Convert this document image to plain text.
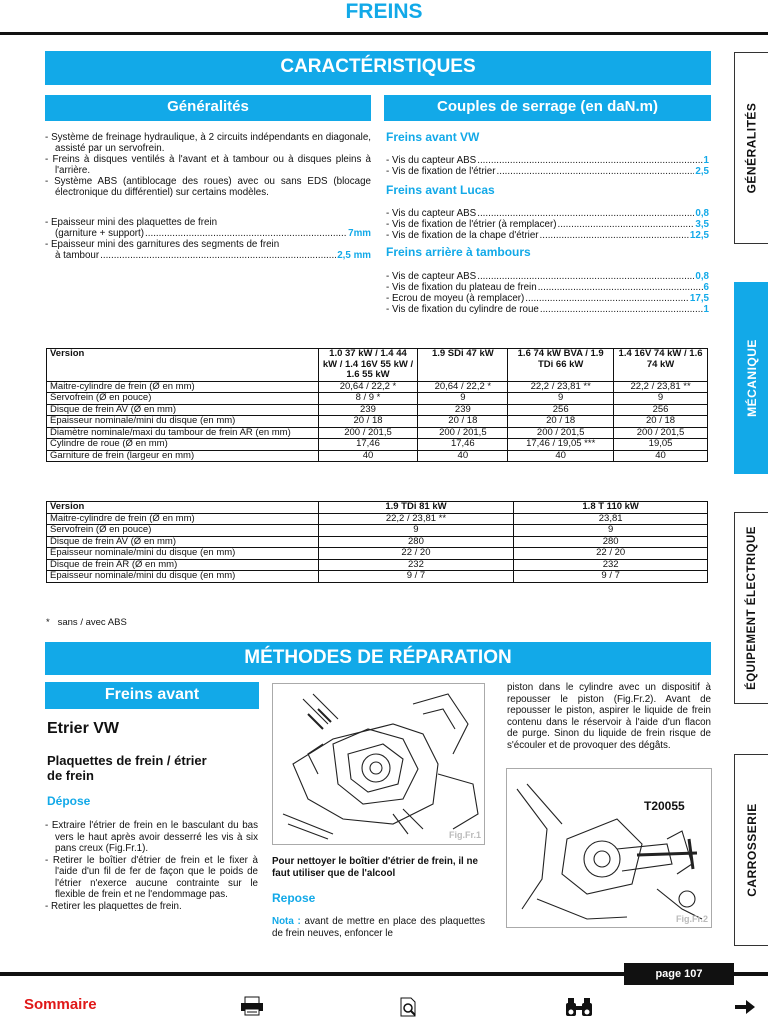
FREINS
CARACTÉRISTIQUES
Généralités
- Système de freinage hydraulique, à 2 circuits indépendants en diagonale, assisté par un servofrein.
- Freins à disques ventilés à l'avant et à tambour ou à disques pleins à l'arrière.
- Système ABS (antiblocage des roues) avec ou sans EDS (blocage électronique du différentiel) sur certains modèles.
- Epaisseur mini des plaquettes de frein
(garniture + support) .....	7mm
- Epaisseur mini des garnitures des segments de frein
à tambour .....	2,5 mm
Couples de serrage (en daN.m)
Freins avant VW
- Vis du capteur ABS .....	1
- Vis de fixation de l'étrier .....	2,5
Freins avant Lucas
- Vis du capteur ABS .....	0,8
- Vis de fixation de l'étrier (à remplacer) .....	3,5
- Vis de fixation de la chape d'étrier .....	12,5
Freins arrière à tambours
- Vis de capteur ABS .....	0,8
- Vis de fixation du plateau de frein .....	6
- Ecrou de moyeu (à remplacer) .....	17,5
- Vis de fixation du cylindre de roue .....	1
Version	1.0 37 kW / 1.4 44 kW / 1.4 16V 55 kW / 1.6 55 kW	1.9 SDi 47 kW	1.6 74 kW BVA / 1.9 TDi 66 kW	1.4 16V 74 kW / 1.6 74 kW
Maitre-cylindre de frein (Ø en mm)	20,64 / 22,2 *	20,64 / 22,2 *	22,2 / 23,81 **	22,2 / 23,81 **
Servofrein (Ø en pouce)	8 / 9 *	9	9	9
Disque de frein AV (Ø en mm)	239	239	256	256
Epaisseur nominale/mini du disque (en mm)	20 / 18	20 / 18	20 / 18	20 / 18
Diamètre nominale/maxi du tambour de frein AR (en mm)	200 / 201,5	200 / 201,5	200 / 201,5	200 / 201,5
Cylindre de roue (Ø en mm)	17,46	17,46	17,46 / 19,05 ***	19,05
Garniture de frein (largeur en mm)	40	40	40	40
Version	1.9 TDi 81 kW	1.8 T 110 kW
Maitre-cylindre de frein (Ø en mm)	22,2 / 23,81 **	23,81
Servofrein (Ø en pouce)	9	9
Disque de frein AV (Ø en mm)	280	280
Epaisseur nominale/mini du disque (en mm)	22 / 20	22 / 20
Disque de frein AR (Ø en mm)	232	232
Epaisseur nominale/mini du disque (en mm)	9 / 7	9 / 7

*   sans / avec ABS

MÉTHODES DE RÉPARATION
Freins avant
Etrier VW
Plaquettes de frein / étrier de frein
Dépose
- Extraire l'étrier de frein en le basculant du bas vers le haut après avoir desserré les vis à six pans creux (Fig.Fr.1).
- Retirer le boîtier d'étrier de frein et le fixer à l'aide d'un fil de fer de façon que le poids de l'étrier n'exerce aucune contrainte sur le flexible de frein et ne l'endommage pas.
- Retirer les plaquettes de frein.
Fig.Fr.1
Pour nettoyer le boîtier d'étrier de frein, il ne faut utiliser que de l'alcool
Repose
Nota : avant de mettre en place des plaquettes de frein neuves, enfoncer le
piston dans le cylindre avec un dispositif à repousser le piston (Fig.Fr.2). Avant de repousser le piston, aspirer le liquide de frein contenu dans le réservoir à l'aide d'un flacon de purge. Sinon du liquide de frein risque de s'écouler et de provoquer des dégâts.
T20055
Fig.Fr.2
GÉNÉRALITÉS
MÉCANIQUE
ÉQUIPEMENT ÉLECTRIQUE
CARROSSERIE
page 107
Sommaire
